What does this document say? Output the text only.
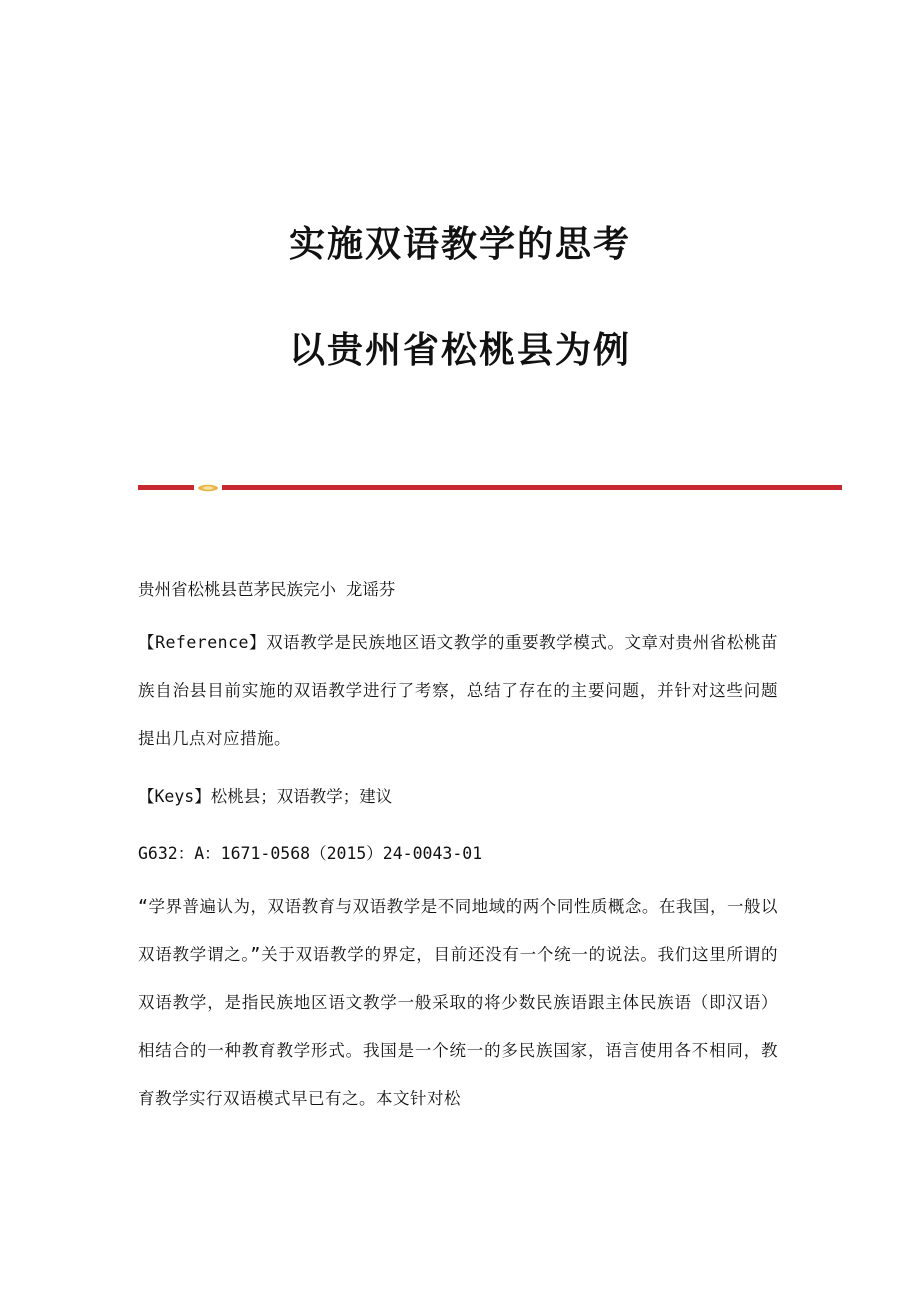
实施双语教学的思考
以贵州省松桃县为例

贵州省松桃县芭茅民族完小 龙谣芬

【Reference】双语教学是民族地区语文教学的重要教学模式。文章对贵州省松桃苗族自治县目前实施的双语教学进行了考察，总结了存在的主要问题，并针对这些问题提出几点对应措施。

【Keys】松桃县；双语教学；建议

G632：A：1671-0568（2015）24-0043-01

“学界普遍认为，双语教育与双语教学是不同地域的两个同性质概念。在我国，一般以双语教学谓之。”关于双语教学的界定，目前还没有一个统一的说法。我们这里所谓的双语教学，是指民族地区语文教学一般采取的将少数民族语跟主体民族语（即汉语）相结合的一种教育教学形式。我国是一个统一的多民族国家，语言使用各不相同，教育教学实行双语模式早已有之。本文针对松
